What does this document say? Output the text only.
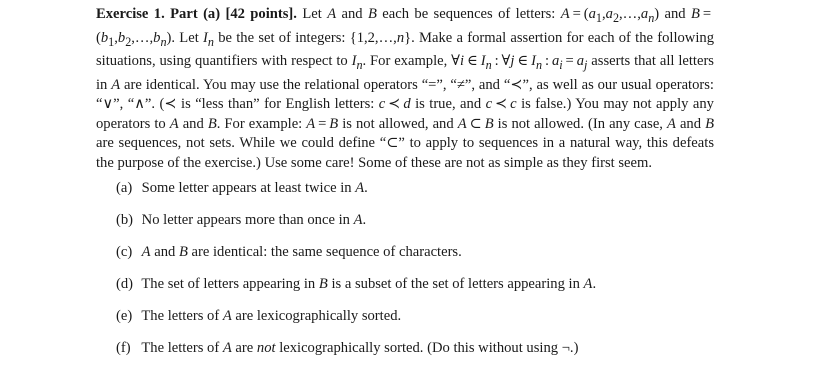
Exercise 1. Part (a) [42 points]. Let A and B each be sequences of letters: $A = (a_1,a_2,\dots,a_n)$ and $B = (b_1,b_2,\dots,b_n)$. Let $I_n$ be the set of integers: {1,2,…,n}. Make a formal assertion for each of the following situations, using quantifiers with respect to $I_n$. For example, ∀i ∈ $I_n$ : ∀j ∈ $I_n$ : $a_i = a_j$ asserts that all letters in A are identical. You may use the relational operators “=”, “≠”, and “≺”, as well as our usual operators: “∨”, “∧”. (≺ is “less than” for English letters: c ≺ d is true, and c ≺ c is false.) You may not apply any operators to A and B. For example: A = B is not allowed, and A ⊂ B is not allowed. (In any case, A and B are sequences, not sets. While we could define “⊂” to apply to sequences in a natural way, this defeats the purpose of the exercise.) Use some care! Some of these are not as simple as they first seem.
(a) Some letter appears at least twice in A.
(b) No letter appears more than once in A.
(c) A and B are identical: the same sequence of characters.
(d) The set of letters appearing in B is a subset of the set of letters appearing in A.
(e) The letters of A are lexicographically sorted.
(f) The letters of A are not lexicographically sorted. (Do this without using ¬.)
